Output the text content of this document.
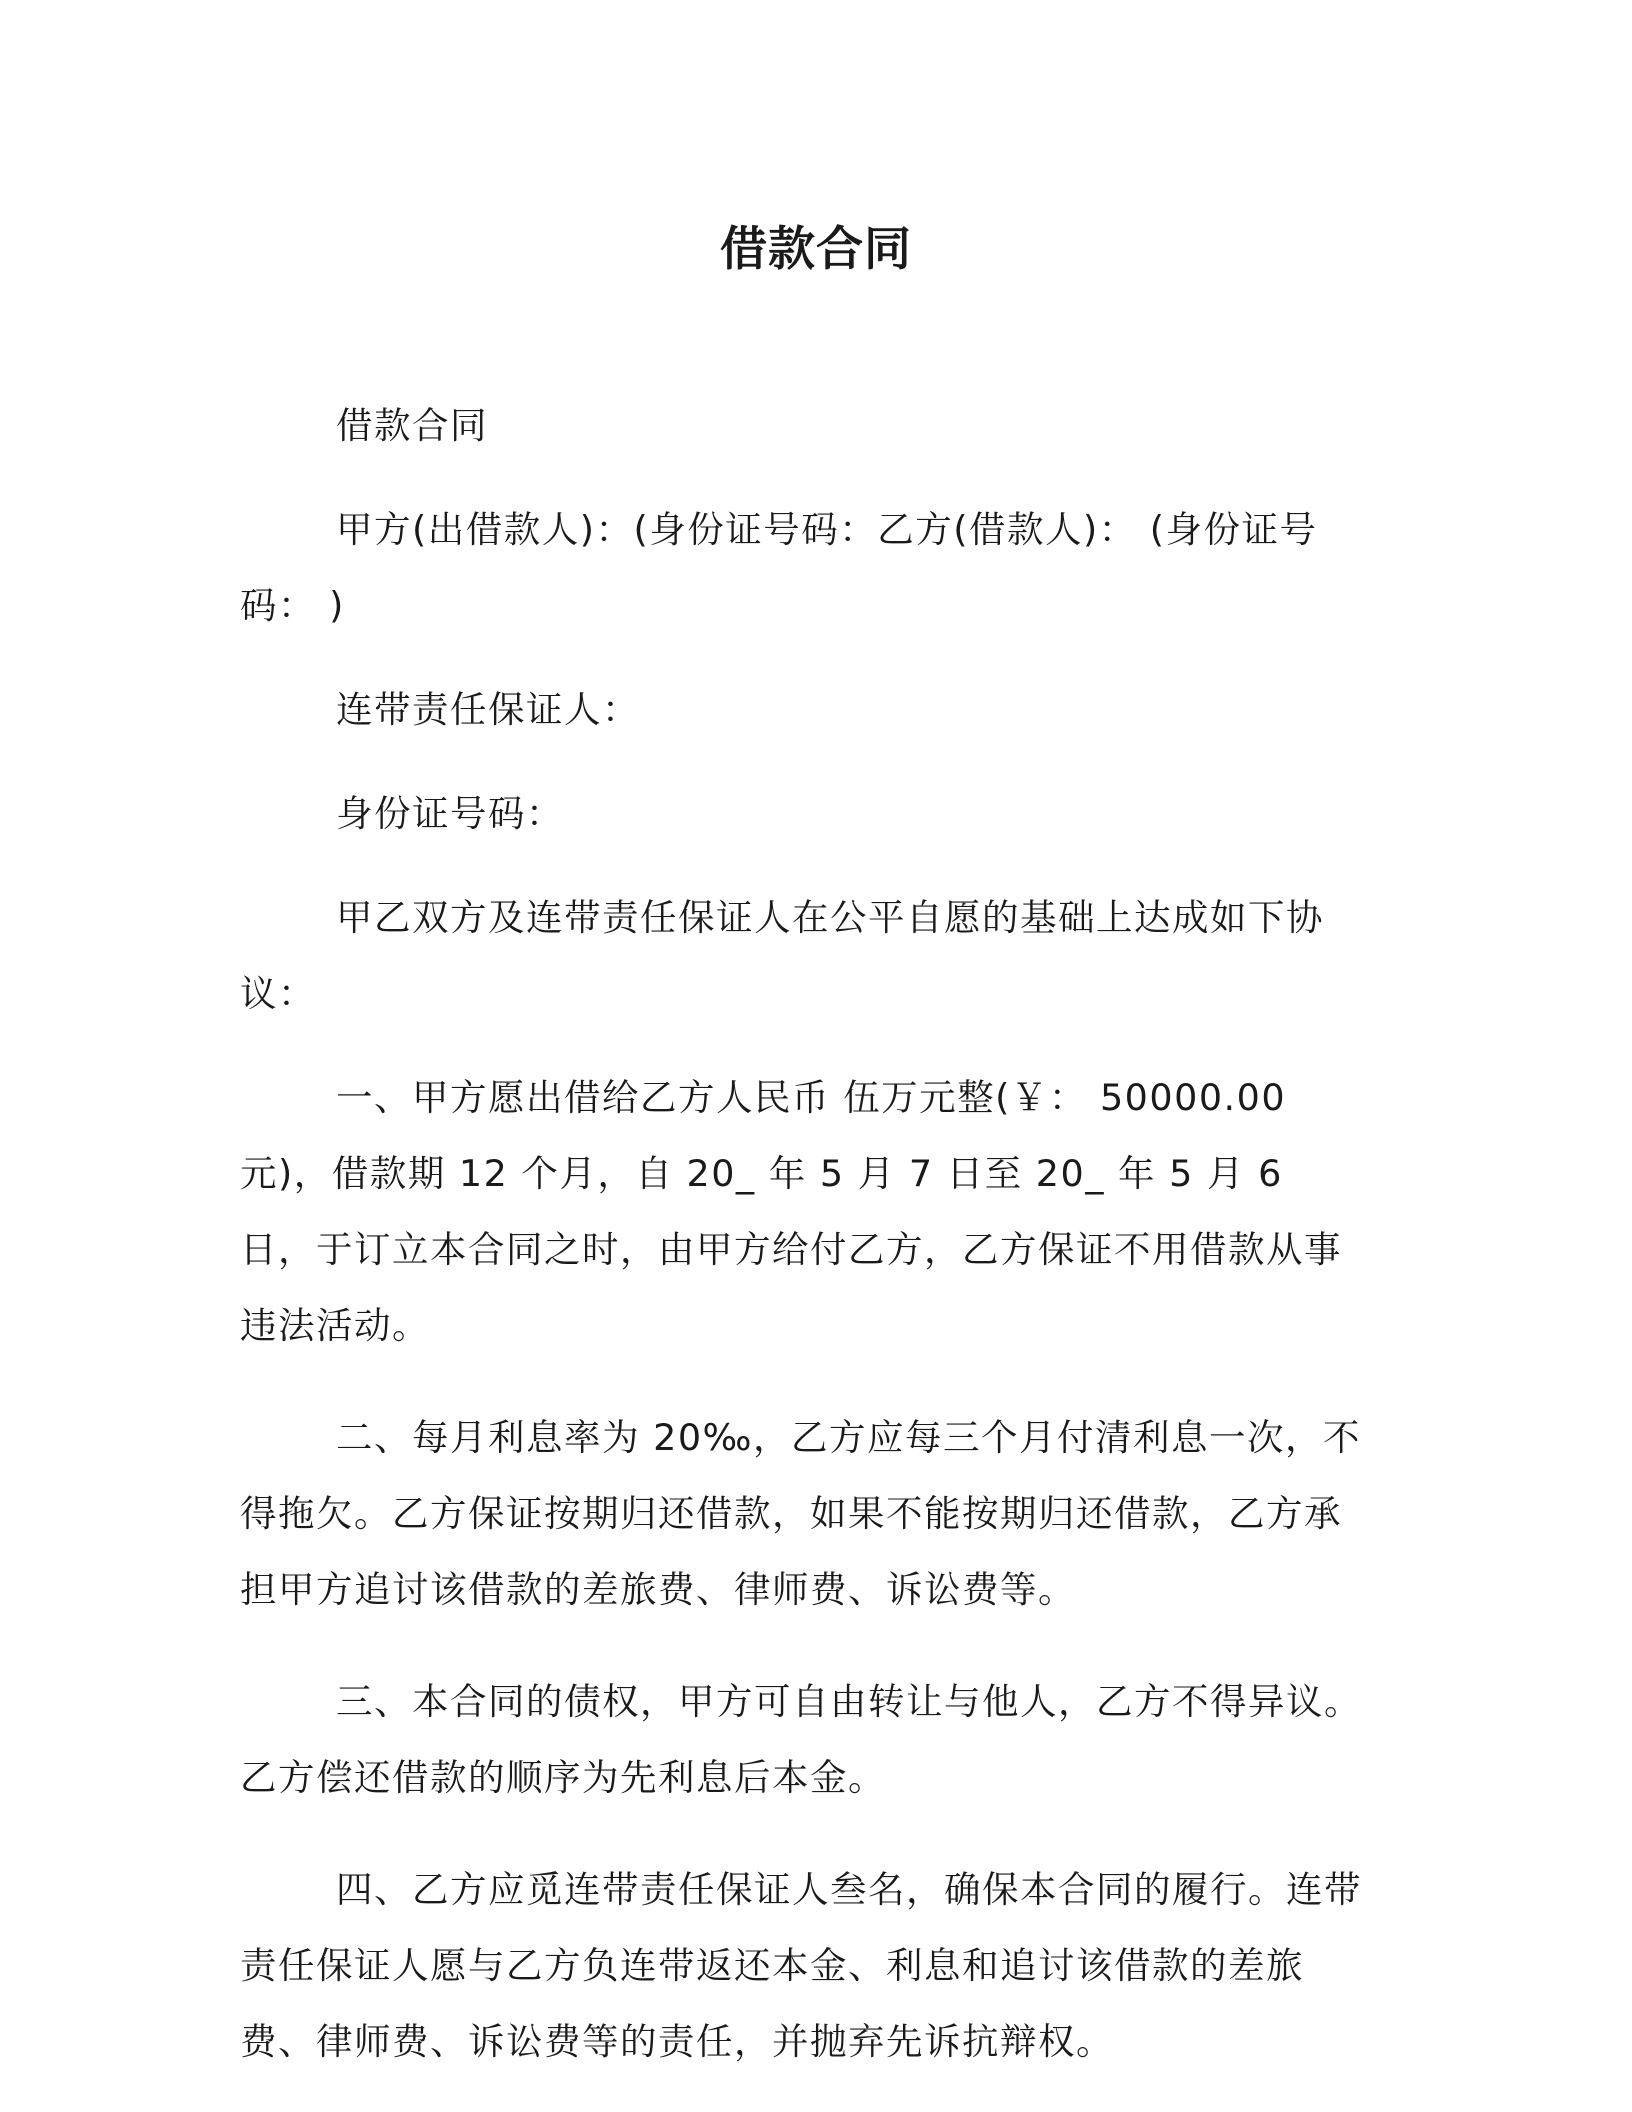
借款合同

借款合同

甲方(出借款人)：(身份证号码：乙方(借款人)： (身份证号码： )

连带责任保证人：

身份证号码：

甲乙双方及连带责任保证人在公平自愿的基础上达成如下协议：

一、甲方愿出借给乙方人民币 伍万元整(￥： 50000.00 元)，借款期 12 个月，自 20_ 年 5 月 7 日至 20_ 年 5 月 6 日，于订立本合同之时，由甲方给付乙方，乙方保证不用借款从事违法活动。

二、每月利息率为 20‰，乙方应每三个月付清利息一次，不得拖欠。乙方保证按期归还借款，如果不能按期归还借款，乙方承担甲方追讨该借款的差旅费、律师费、诉讼费等。

三、本合同的债权，甲方可自由转让与他人，乙方不得异议。乙方偿还借款的顺序为先利息后本金。

四、乙方应觅连带责任保证人叁名，确保本合同的履行。连带责任保证人愿与乙方负连带返还本金、利息和追讨该借款的差旅费、律师费、诉讼费等的责任，并抛弃先诉抗辩权。
